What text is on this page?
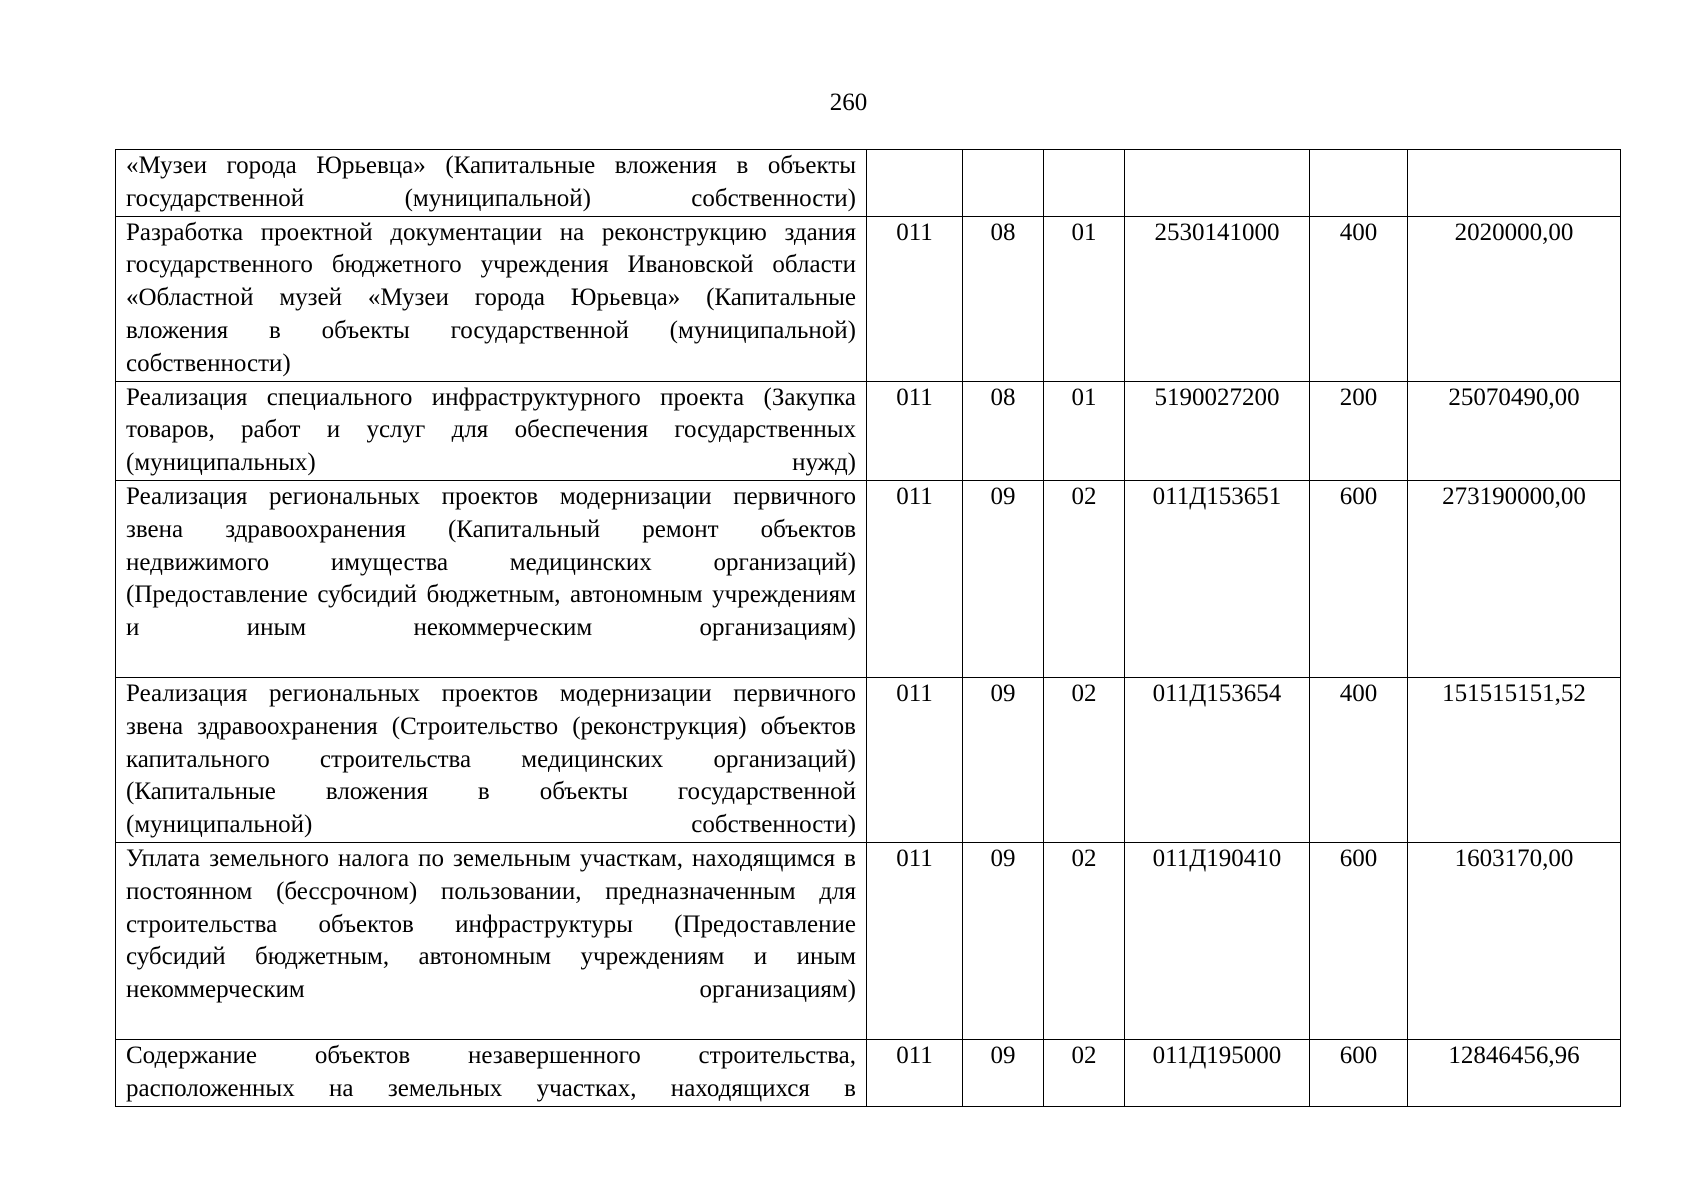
260
«Музеи города Юрьевца» (Капитальные вложения в объекты государственной (муниципальной) собственности)						
Разработка проектной документации на реконструкцию здания государственного бюджетного учреждения Ивановской области «Областной музей «Музеи города Юрьевца» (Капитальные вложения в объекты государственной (муниципальной) собственности)	011	08	01	2530141000	400	2020000,00
Реализация специального инфраструктурного проекта (Закупка товаров, работ и услуг для обеспечения государственных (муниципальных) нужд)	011	08	01	5190027200	200	25070490,00
Реализация региональных проектов модернизации первичного звена здравоохранения (Капитальный ремонт объектов недвижимого имущества медицинских организаций) (Предоставление субсидий бюджетным, автономным учреждениям и иным некоммерческим организациям)	011	09	02	011Д153651	600	273190000,00
Реализация региональных проектов модернизации первичного звена здравоохранения (Строительство (реконструкция) объектов капитального строительства медицинских организаций) (Капитальные вложения в объекты государственной (муниципальной) собственности)	011	09	02	011Д153654	400	151515151,52
Уплата земельного налога по земельным участкам, находящимся в постоянном (бессрочном) пользовании, предназначенным для строительства объектов инфраструктуры (Предоставление субсидий бюджетным, автономным учреждениям и иным некоммерческим организациям)	011	09	02	011Д190410	600	1603170,00
Содержание объектов незавершенного строительства, расположенных на земельных участках, находящихся в	011	09	02	011Д195000	600	12846456,96
